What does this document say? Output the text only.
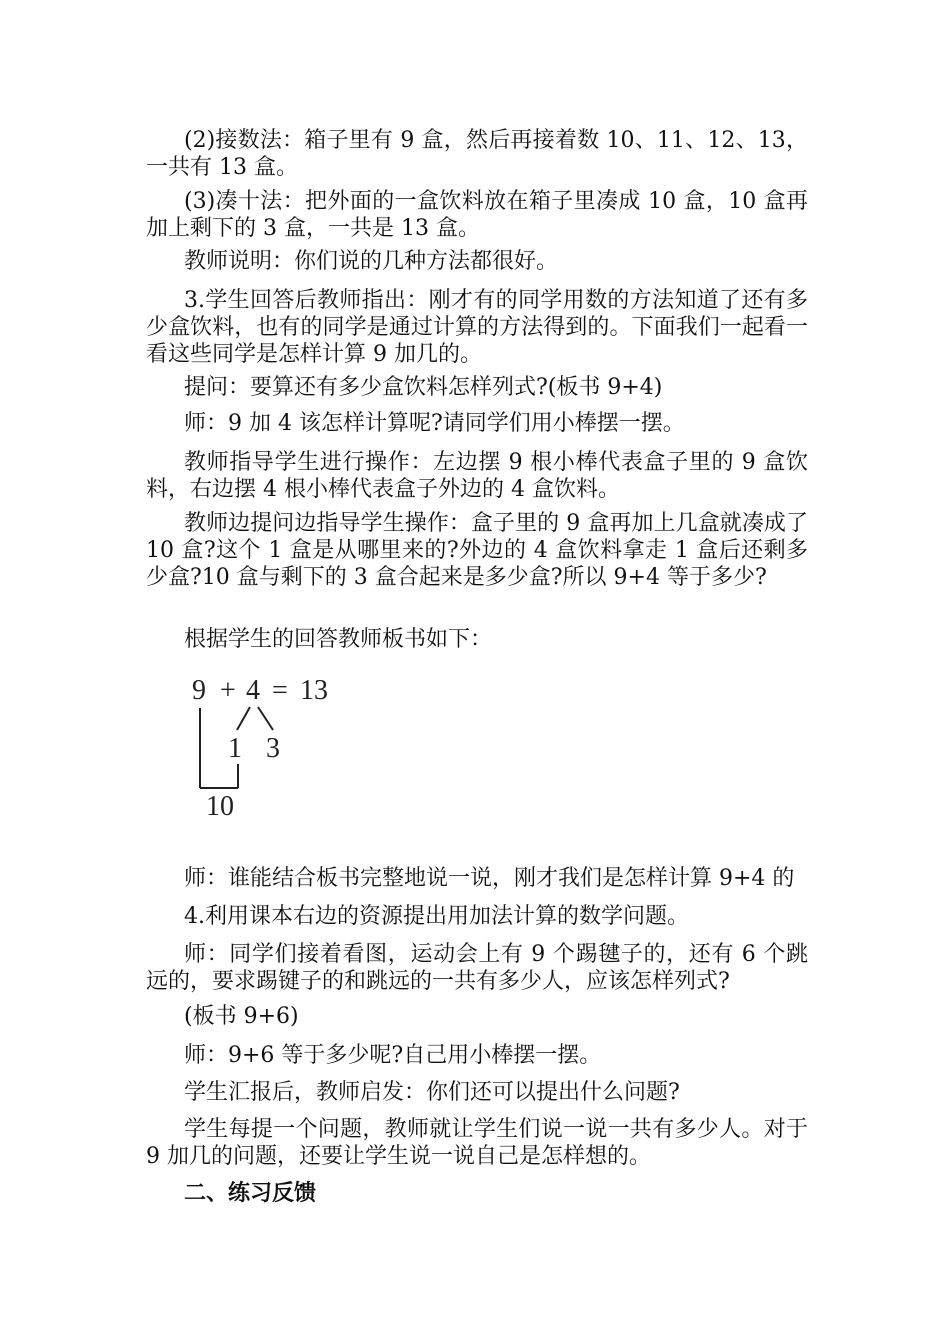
(2)接数法：箱子里有 9 盒，然后再接着数 10、11、12、13，一共有 13 盒。

(3)凑十法：把外面的一盒饮料放在箱子里凑成 10 盒，10 盒再加上剩下的 3 盒，一共是 13 盒。

教师说明：你们说的几种方法都很好。

3.学生回答后教师指出：刚才有的同学用数的方法知道了还有多少盒饮料，也有的同学是通过计算的方法得到的。下面我们一起看一看这些同学是怎样计算 9 加几的。

提问：要算还有多少盒饮料怎样列式?(板书 9+4)

师：9 加 4 该怎样计算呢?请同学们用小棒摆一摆。

教师指导学生进行操作：左边摆 9 根小棒代表盒子里的 9 盒饮料，右边摆 4 根小棒代表盒子外边的 4 盒饮料。

教师边提问边指导学生操作：盒子里的 9 盒再加上几盒就凑成了 10 盒?这个 1 盒是从哪里来的?外边的 4 盒饮料拿走 1 盒后还剩多少盒?10 盒与剩下的 3 盒合起来是多少盒?所以 9+4 等于多少?

根据学生的回答教师板书如下：

9 + 4 = 13
1 3
10

师：谁能结合板书完整地说一说，刚才我们是怎样计算 9+4 的

4.利用课本右边的资源提出用加法计算的数学问题。

师：同学们接着看图，运动会上有 9 个踢毽子的，还有 6 个跳远的，要求踢键子的和跳远的一共有多少人，应该怎样列式?

(板书 9+6)

师：9+6 等于多少呢?自己用小棒摆一摆。

学生汇报后，教师启发：你们还可以提出什么问题?

学生每提一个问题，教师就让学生们说一说一共有多少人。对于 9 加几的问题，还要让学生说一说自己是怎样想的。

二、练习反馈
